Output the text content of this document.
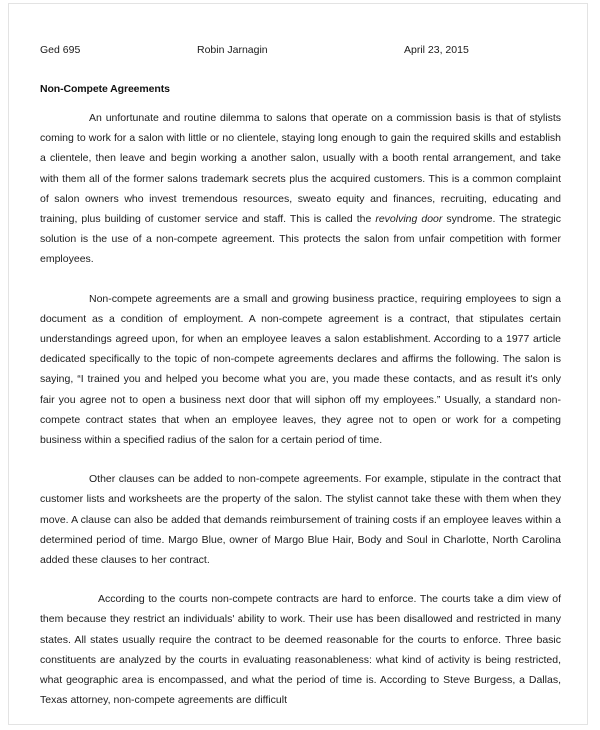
Ged 695	Robin Jarnagin	April 23, 2015
Non-Compete Agreements

An unfortunate and routine dilemma to salons that operate on a commission basis is that of stylists coming to work for a salon with little or no clientele, staying long enough to gain the required skills and establish a clientele, then leave and begin working a another salon, usually with a booth rental arrangement, and take with them all of the former salons trademark secrets plus the acquired customers. This is a common complaint of salon owners who invest tremendous resources, sweato equity and finances, recruiting, educating and training, plus building of customer service and staff. This is called the revolving door syndrome. The strategic solution is the use of a non-compete agreement. This protects the salon from unfair competition with former employees.

Non-compete agreements are a small and growing business practice, requiring employees to sign a document as a condition of employment. A non-compete agreement is a contract, that stipulates certain understandings agreed upon, for when an employee leaves a salon establishment. According to a 1977 article dedicated specifically to the topic of non-compete agreements declares and affirms the following. The salon is saying, “I trained you and helped you become what you are, you made these contacts, and as result it's only fair you agree not to open a business next door that will siphon off my employees.” Usually, a standard non-compete contract states that when an employee leaves, they agree not to open or work for a competing business within a specified radius of the salon for a certain period of time.

Other clauses can be added to non-compete agreements. For example, stipulate in the contract that customer lists and worksheets are the property of the salon. The stylist cannot take these with them when they move. A clause can also be added that demands reimbursement of training costs if an employee leaves within a determined period of time. Margo Blue, owner of Margo Blue Hair, Body and Soul in Charlotte, North Carolina added these clauses to her contract.

According to the courts non-compete contracts are hard to enforce. The courts take a dim view of them because they restrict an individuals' ability to work. Their use has been disallowed and restricted in many states. All states usually require the contract to be deemed reasonable for the courts to enforce. Three basic constituents are analyzed by the courts in evaluating reasonableness: what kind of activity is being restricted, what geographic area is encompassed, and what the period of time is. According to Steve Burgess, a Dallas, Texas attorney, non-compete agreements are difficult
